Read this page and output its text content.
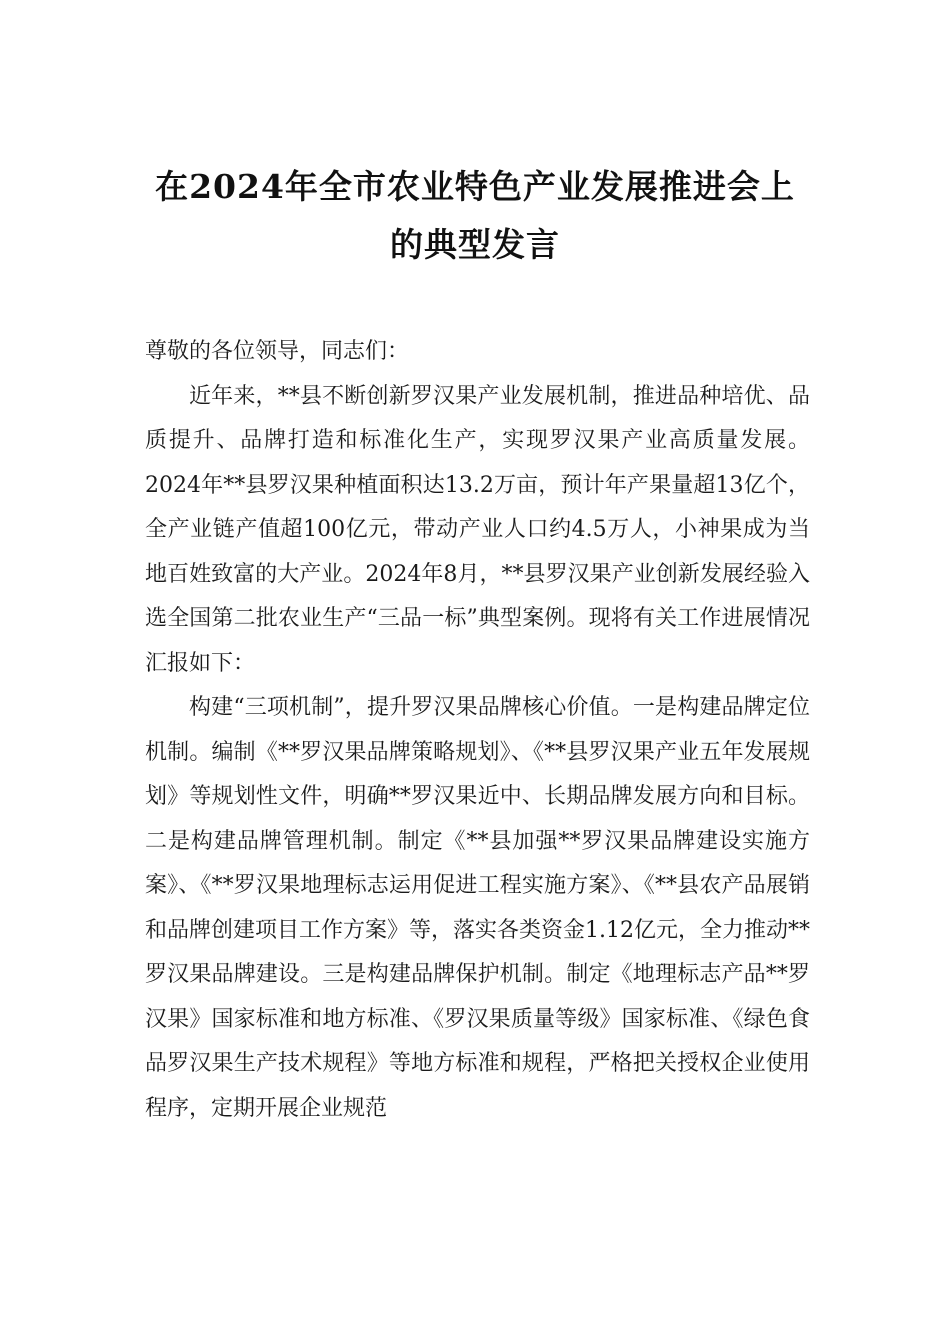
在2024年全市农业特色产业发展推进会上
的典型发言

尊敬的各位领导，同志们：

近年来，**县不断创新罗汉果产业发展机制，推进品种培优、品质提升、品牌打造和标准化生产，实现罗汉果产业高质量发展。2024年**县罗汉果种植面积达13.2万亩，预计年产果量超13亿个，全产业链产值超100亿元，带动产业人口约4.5万人，小神果成为当地百姓致富的大产业。2024年8月，**县罗汉果产业创新发展经验入选全国第二批农业生产“三品一标”典型案例。现将有关工作进展情况汇报如下：

构建“三项机制”，提升罗汉果品牌核心价值。一是构建品牌定位机制。编制《**罗汉果品牌策略规划》、《**县罗汉果产业五年发展规划》等规划性文件，明确**罗汉果近中、长期品牌发展方向和目标。二是构建品牌管理机制。制定《**县加强**罗汉果品牌建设实施方案》、《**罗汉果地理标志运用促进工程实施方案》、《**县农产品展销和品牌创建项目工作方案》等，落实各类资金1.12亿元，全力推动**罗汉果品牌建设。三是构建品牌保护机制。制定《地理标志产品**罗汉果》国家标准和地方标准、《罗汉果质量等级》国家标准、《绿色食品罗汉果生产技术规程》等地方标准和规程，严格把关授权企业使用程序，定期开展企业规范
